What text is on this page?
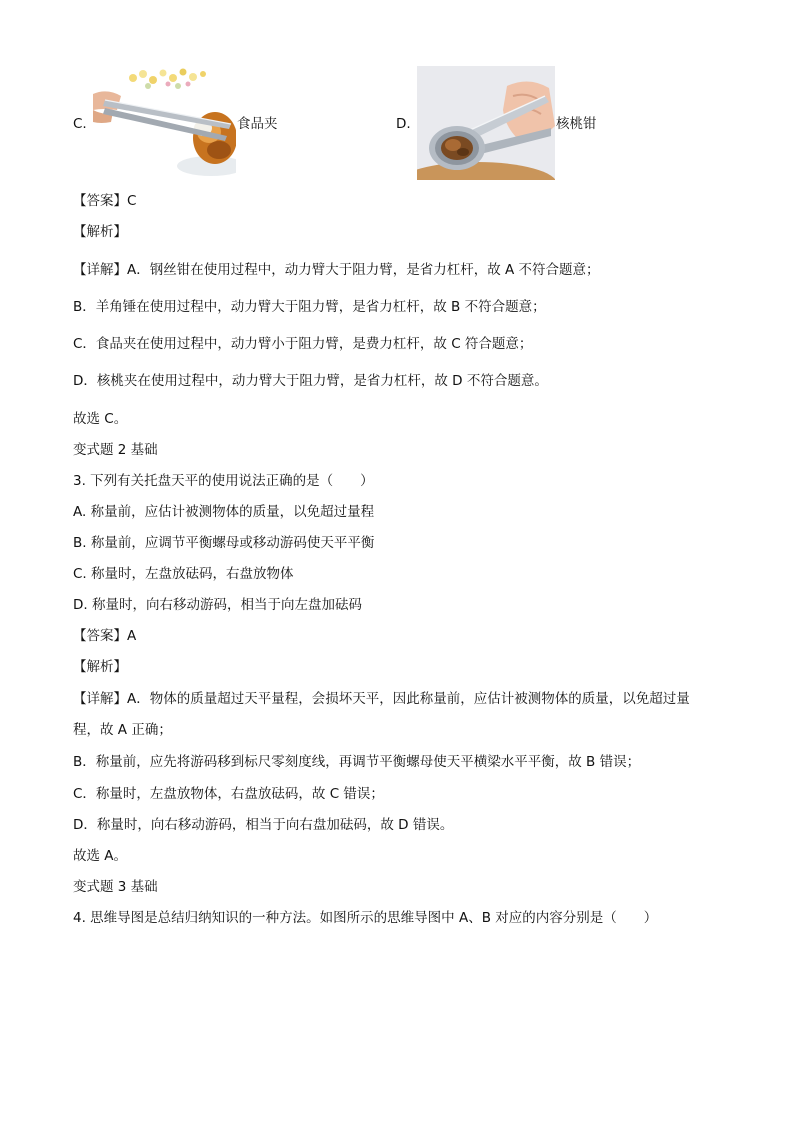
C.	食品夹	D.	核桃钳
【答案】C
【解析】
【详解】A．钢丝钳在使用过程中，动力臂大于阻力臂，是省力杠杆，故 A 不符合题意；
B．羊角锤在使用过程中，动力臂大于阻力臂，是省力杠杆，故 B 不符合题意；
C．食品夹在使用过程中，动力臂小于阻力臂，是费力杠杆，故 C 符合题意；
D．核桃夹在使用过程中，动力臂大于阻力臂，是省力杠杆，故 D 不符合题意。
故选 C。
变式题 2 基础
3. 下列有关托盘天平的使用说法正确的是（　　）
A. 称量前，应估计被测物体的质量，以免超过量程
B. 称量前，应调节平衡螺母或移动游码使天平平衡
C. 称量时，左盘放砝码，右盘放物体
D. 称量时，向右移动游码，相当于向左盘加砝码
【答案】A
【解析】
【详解】A．物体的质量超过天平量程，会损坏天平，因此称量前，应估计被测物体的质量，以免超过量
程，故 A 正确；
B．称量前，应先将游码移到标尺零刻度线，再调节平衡螺母使天平横梁水平平衡，故 B 错误；
C．称量时，左盘放物体，右盘放砝码，故 C 错误；
D．称量时，向右移动游码，相当于向右盘加砝码，故 D 错误。
故选 A。
变式题 3 基础
4. 思维导图是总结归纳知识的一种方法。如图所示的思维导图中 A、B 对应的内容分别是（　　）
